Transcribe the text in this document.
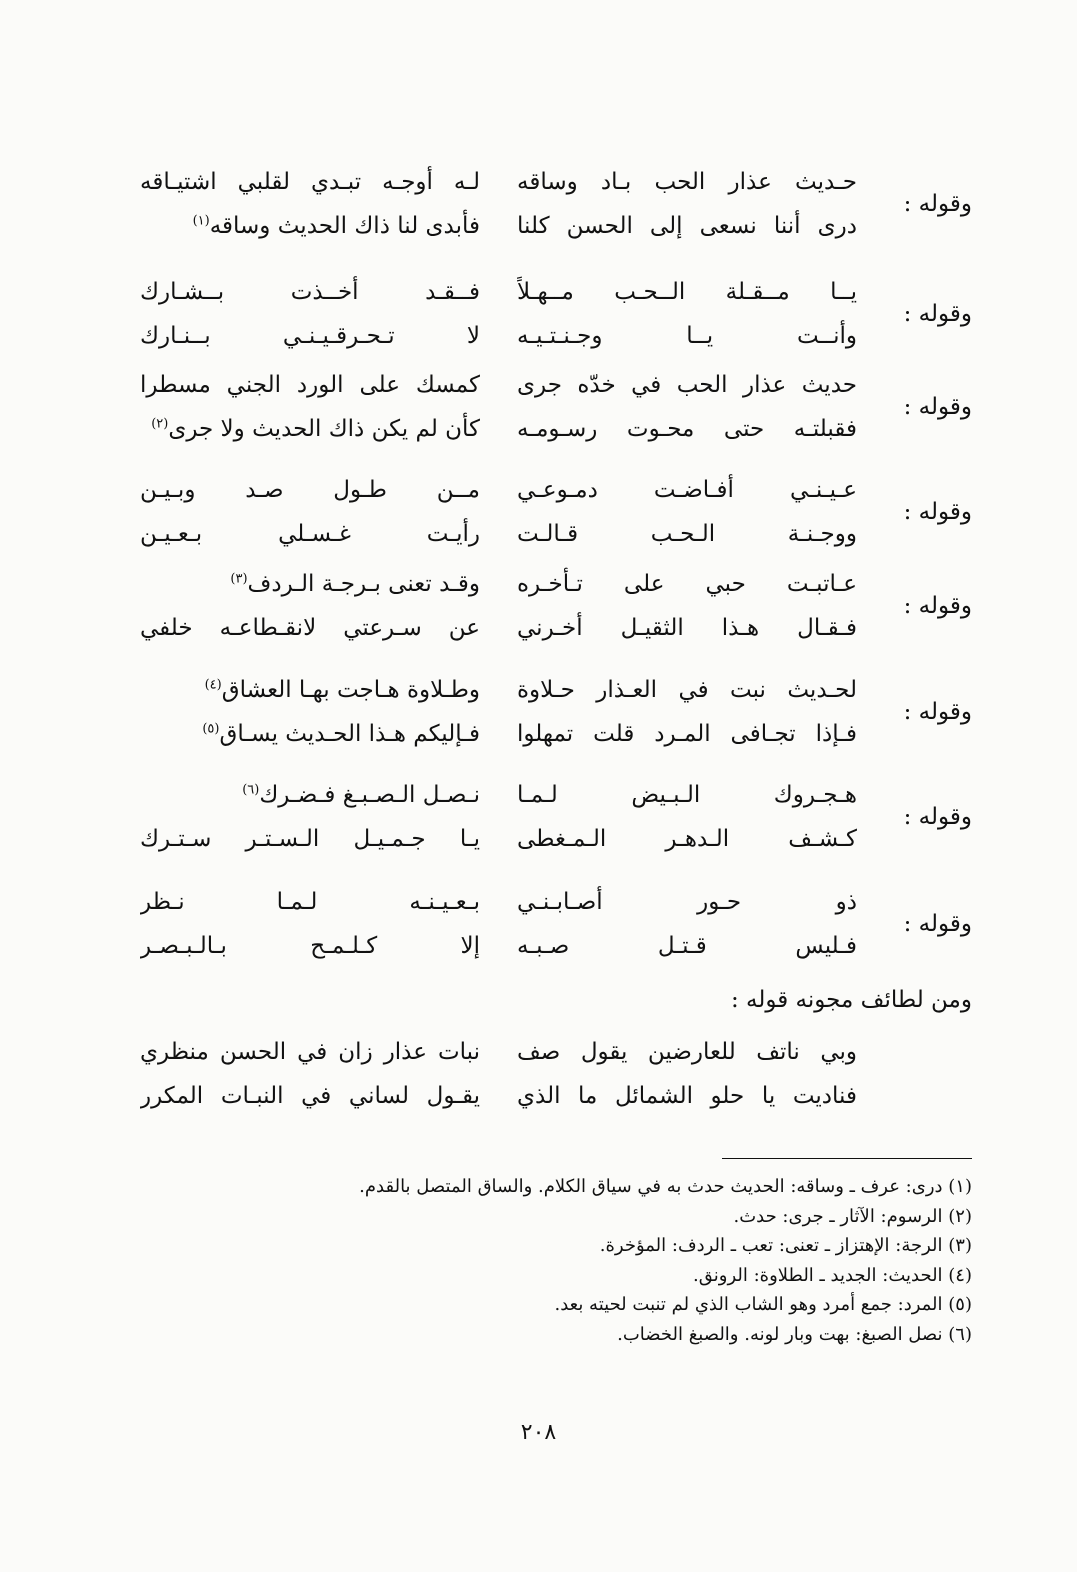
وقوله :
حـديث عذار الحب بـاد وساقه
درى أننا نسعى إلى الحسن كلنا
لـه أوجـه تبـدي لقلبي اشتيـاقه
فأبدى لنا ذاك الحديث وساقه$^{(١)}$
وقوله :
يــا مــقـلة الــحـب مــهـلاً
وأنــت يــا وجـنـتـيـه
فــقـد أخــذت بــشـارك
لا تـحـرقـيـنـي بــنـارك
وقوله :
حديث عذار الحب في خدّه جرى
فقبلتـه حتى محـوت رسـومـه
كمسك على الورد الجني مسطرا
كأن لم يكن ذاك الحديث ولا جرى$^{(٢)}$
وقوله :
عـيـنـي أفـاضـت دمـوعـي
ووجـنـة الـحـب قـالـت
مــن طـول صـد وبـيـن
رأيـت غـسـلي بـعـيـن
وقوله :
عـاتبـت حبي على تـأخـره
فـقـال هـذا الثقيـل أخـرني
وقـد تعنى بـرجـة الـردف$^{(٣)}$
عن سـرعتي لانقـطاعـه خلفي
وقوله :
لحـديث نبت في العـذار حـلاوة
فـإذا تجـافى المـرد قلت تمهلوا
وطـلاوة هـاجت بهـا العشاق$^{(٤)}$
فـإليكم هـذا الحـديث يسـاق$^{(٥)}$
وقوله :
هـجـروك الـبـيض لـمـا
كـشـف الـدهـر الـمـغطى
نـصـل الـصـبـغ فـضـرك$^{(٦)}$
يـا جـمـيـل الـسـتـر سـتـرك
وقوله :
ذو حـور أصـابـنـي
فـليس قـتـل صـبـه
بـعـيـنـه لـمـا نـظر
إلا كـلـمـح بـالـبـصـر
ومن لطائف مجونه قوله :
وبي ناتف للعارضين يقول صف
فناديت يا حلو الشمائل ما الذي
نبات عذار زان في الحسن منظري
يقـول لساني في النبـات المكرر
(١) درى: عرف ـ وساقه: الحديث حدث به في سياق الكلام. والساق المتصل بالقدم.
(٢) الرسوم: الآثار ـ جرى: حدث.
(٣) الرجة: الإهتزاز ـ تعنى: تعب ـ الردف: المؤخرة.
(٤) الحديث: الجديد ـ الطلاوة: الرونق.
(٥) المرد: جمع أمرد وهو الشاب الذي لم تنبت لحيته بعد.
(٦) نصل الصبغ: بهت وبار لونه. والصبغ الخضاب.
٢٠٨
